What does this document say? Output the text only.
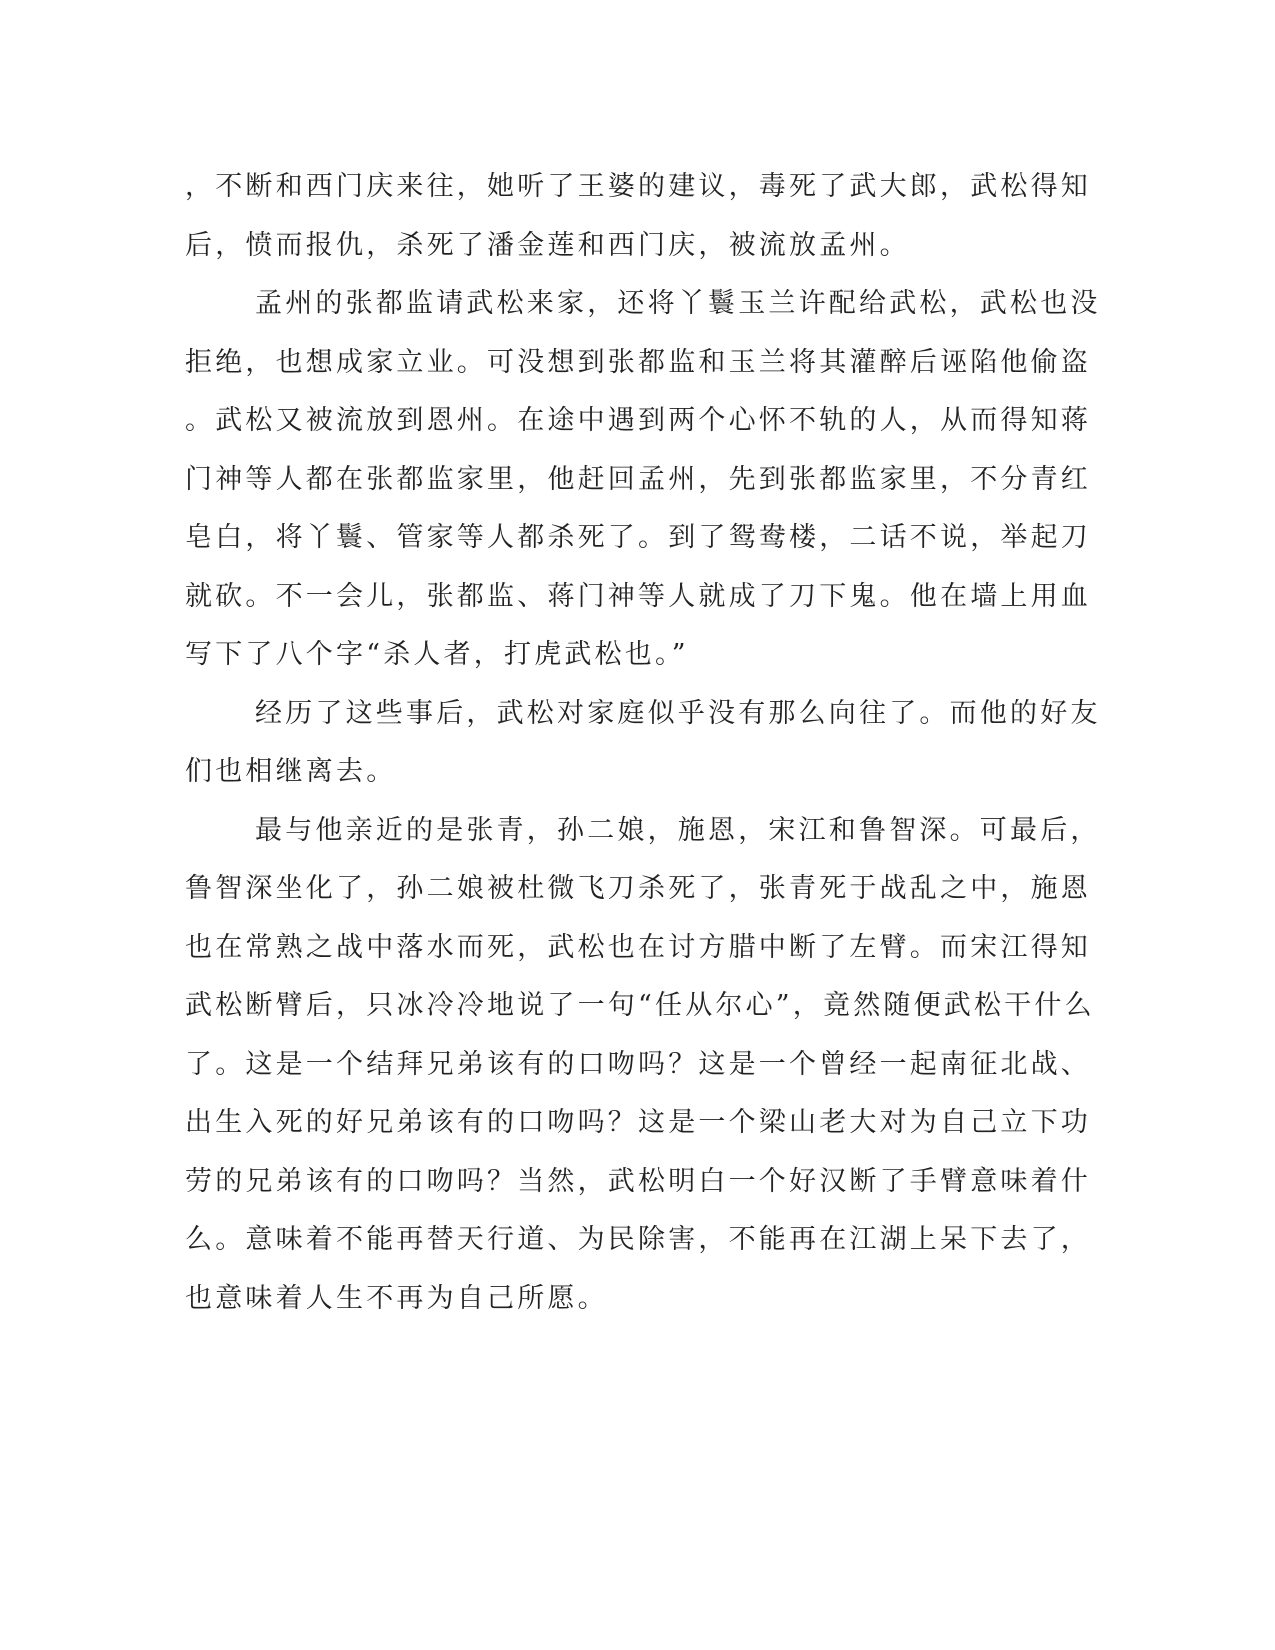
，不断和西门庆来往，她听了王婆的建议，毒死了武大郎，武松得知
后，愤而报仇，杀死了潘金莲和西门庆，被流放孟州。
孟州的张都监请武松来家，还将丫鬟玉兰许配给武松，武松也没
拒绝，也想成家立业。可没想到张都监和玉兰将其灌醉后诬陷他偷盗
。武松又被流放到恩州。在途中遇到两个心怀不轨的人，从而得知蒋
门神等人都在张都监家里，他赶回孟州，先到张都监家里，不分青红
皂白，将丫鬟、管家等人都杀死了。到了鸳鸯楼，二话不说，举起刀
就砍。不一会儿，张都监、蒋门神等人就成了刀下鬼。他在墙上用血
写下了八个字“杀人者，打虎武松也。”
经历了这些事后，武松对家庭似乎没有那么向往了。而他的好友
们也相继离去。
最与他亲近的是张青，孙二娘，施恩，宋江和鲁智深。可最后，
鲁智深坐化了，孙二娘被杜微飞刀杀死了，张青死于战乱之中，施恩
也在常熟之战中落水而死，武松也在讨方腊中断了左臂。而宋江得知
武松断臂后，只冰冷冷地说了一句“任从尔心”，竟然随便武松干什么
了。这是一个结拜兄弟该有的口吻吗？这是一个曾经一起南征北战、
出生入死的好兄弟该有的口吻吗？这是一个梁山老大对为自己立下功
劳的兄弟该有的口吻吗？当然，武松明白一个好汉断了手臂意味着什
么。意味着不能再替天行道、为民除害，不能再在江湖上呆下去了，
也意味着人生不再为自己所愿。
